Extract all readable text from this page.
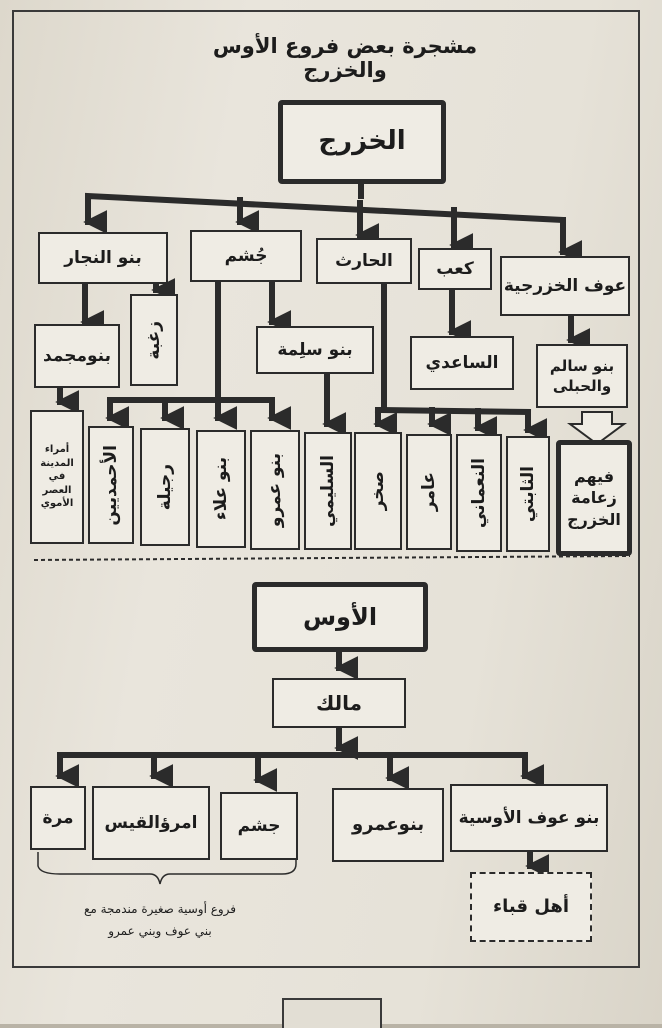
مشجرة بعض فروع الأوس والخزرج
الخزرج
بنو النجار	جُشم	الحارث	كعب
عوف الخزرجية
بنومجمد زغبة	بنو سلِمة
الساعدي	بنو سالم
والحبلى
أمراء
المدينة
في
العصر
الأموي الأحمديين رجيلة بنو علاء بنو عمرو السليمي صخر عامر النعماني الثابتي	فيهم
زعامة
الخزرج
الأوس
مالك
مرة امرؤالقيس جشم	بنوعمرو بنو عوف الأوسية
أهل قباء
فروع أوسية صغيرة مندمجة مع
بني عوف وبني عمرو
